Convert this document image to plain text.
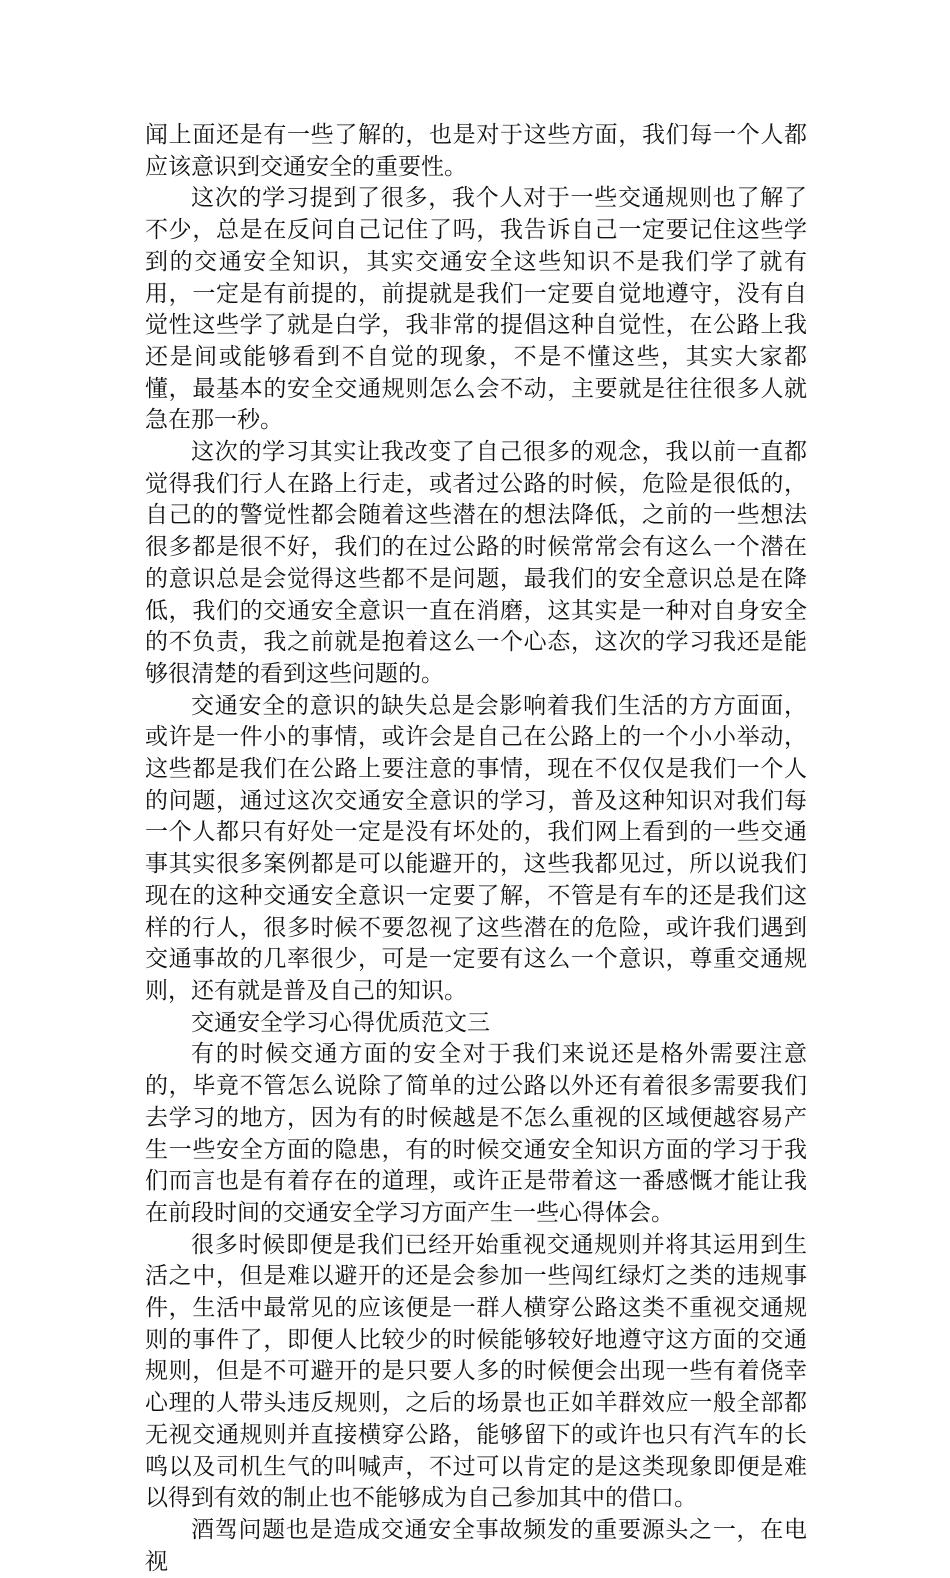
闻上面还是有一些了解的，也是对于这些方面，我们每一个人都应该意识到交通安全的重要性。

这次的学习提到了很多，我个人对于一些交通规则也了解了不少，总是在反问自己记住了吗，我告诉自己一定要记住这些学到的交通安全知识，其实交通安全这些知识不是我们学了就有用，一定是有前提的，前提就是我们一定要自觉地遵守，没有自觉性这些学了就是白学，我非常的提倡这种自觉性，在公路上我还是间或能够看到不自觉的现象，不是不懂这些，其实大家都懂，最基本的安全交通规则怎么会不动，主要就是往往很多人就急在那一秒。

这次的学习其实让我改变了自己很多的观念，我以前一直都觉得我们行人在路上行走，或者过公路的时候，危险是很低的，自己的的警觉性都会随着这些潜在的想法降低，之前的一些想法很多都是很不好，我们的在过公路的时候常常会有这么一个潜在的意识总是会觉得这些都不是问题，最我们的安全意识总是在降低，我们的交通安全意识一直在消磨，这其实是一种对自身安全的不负责，我之前就是抱着这么一个心态，这次的学习我还是能够很清楚的看到这些问题的。

交通安全的意识的缺失总是会影响着我们生活的方方面面，或许是一件小的事情，或许会是自己在公路上的一个小小举动，这些都是我们在公路上要注意的事情，现在不仅仅是我们一个人的问题，通过这次交通安全意识的学习，普及这种知识对我们每一个人都只有好处一定是没有坏处的，我们网上看到的一些交通事其实很多案例都是可以能避开的，这些我都见过，所以说我们现在的这种交通安全意识一定要了解，不管是有车的还是我们这样的行人，很多时候不要忽视了这些潜在的危险，或许我们遇到交通事故的几率很少，可是一定要有这么一个意识，尊重交通规则，还有就是普及自己的知识。

交通安全学习心得优质范文三

有的时候交通方面的安全对于我们来说还是格外需要注意的，毕竟不管怎么说除了简单的过公路以外还有着很多需要我们去学习的地方，因为有的时候越是不怎么重视的区域便越容易产生一些安全方面的隐患，有的时候交通安全知识方面的学习于我们而言也是有着存在的道理，或许正是带着这一番感慨才能让我在前段时间的交通安全学习方面产生一些心得体会。

很多时候即便是我们已经开始重视交通规则并将其运用到生活之中，但是难以避开的还是会参加一些闯红绿灯之类的违规事件，生活中最常见的应该便是一群人横穿公路这类不重视交通规则的事件了，即便人比较少的时候能够较好地遵守这方面的交通规则，但是不可避开的是只要人多的时候便会出现一些有着侥幸心理的人带头违反规则，之后的场景也正如羊群效应一般全部都无视交通规则并直接横穿公路，能够留下的或许也只有汽车的长鸣以及司机生气的叫喊声，不过可以肯定的是这类现象即便是难以得到有效的制止也不能够成为自己参加其中的借口。

酒驾问题也是造成交通安全事故频发的重要源头之一，在电视
